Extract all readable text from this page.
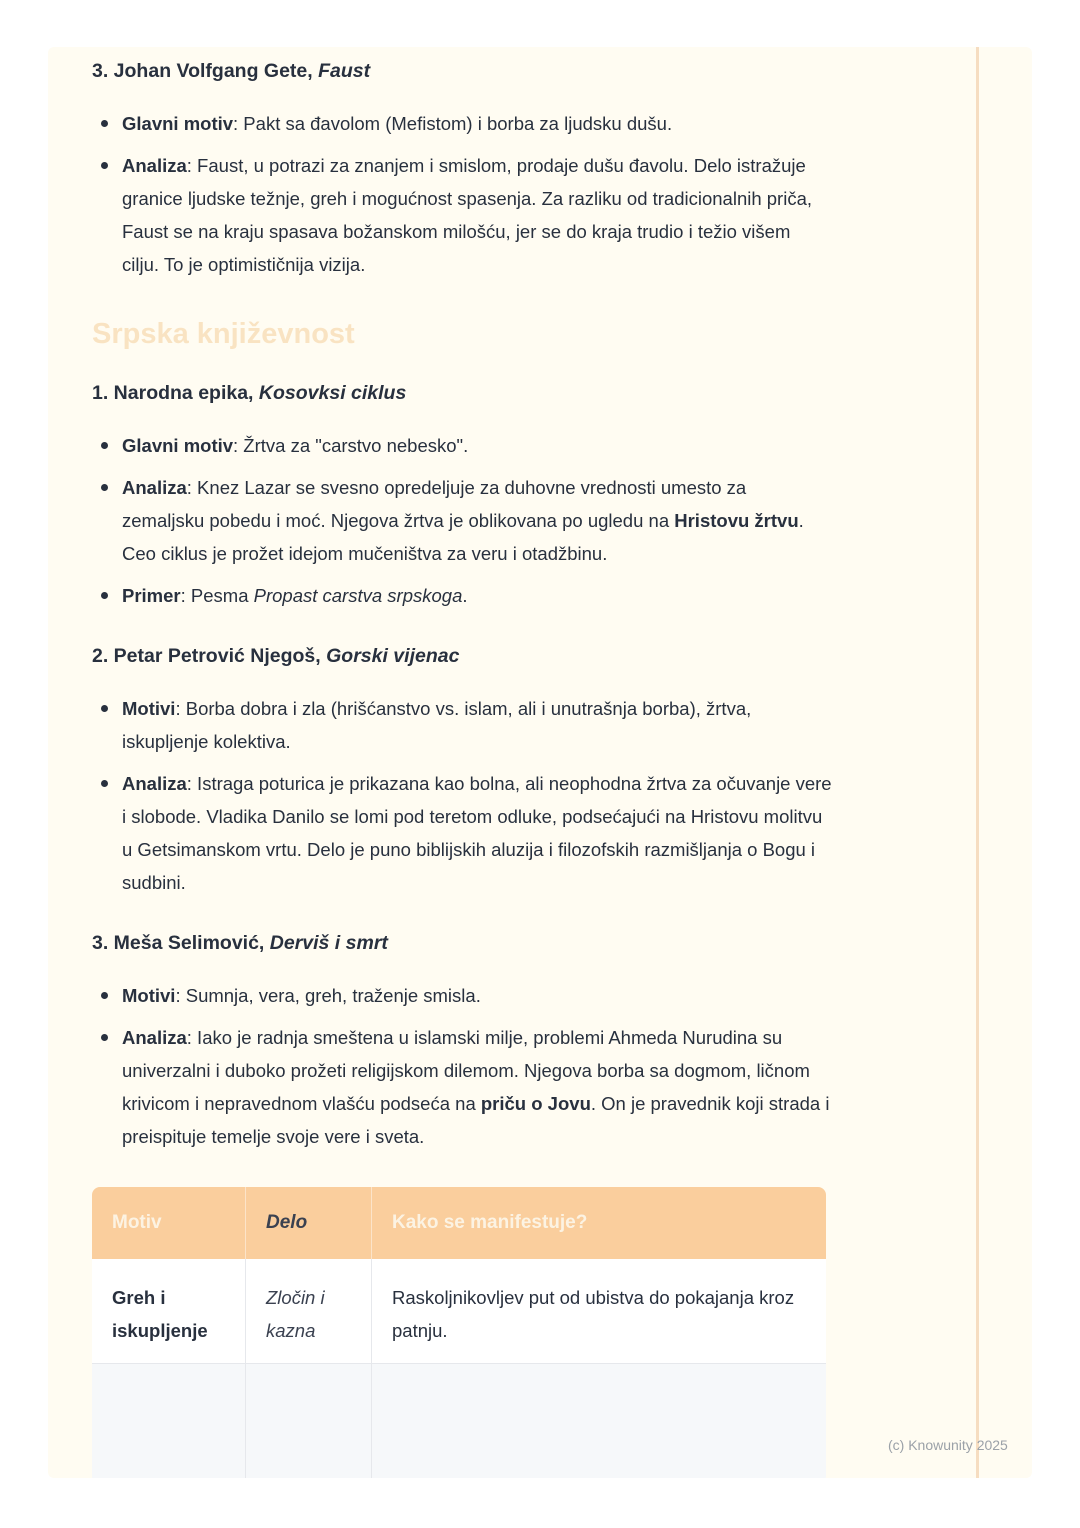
3. Johan Volfgang Gete, Faust
Glavni motiv: Pakt sa đavolom (Mefistom) i borba za ljudsku dušu.
Analiza: Faust, u potrazi za znanjem i smislom, prodaje dušu đavolu. Delo istražuje granice ljudske težnje, greh i mogućnost spasenja. Za razliku od tradicionalnih priča, Faust se na kraju spasava božanskom milošću, jer se do kraja trudio i težio višem cilju. To je optimističnija vizija.
Srpska književnost
1. Narodna epika, Kosovksi ciklus
Glavni motiv: Žrtva za "carstvo nebesko".
Analiza: Knez Lazar se svesno opredeljuje za duhovne vrednosti umesto za zemaljsku pobedu i moć. Njegova žrtva je oblikovana po ugledu na Hristovu žrtvu. Ceo ciklus je prožet idejom mučeništva za veru i otadžbinu.
Primer: Pesma Propast carstva srpskoga.
2. Petar Petrović Njegoš, Gorski vijenac
Motivi: Borba dobra i zla (hrišćanstvo vs. islam, ali i unutrašnja borba), žrtva, iskupljenje kolektiva.
Analiza: Istraga poturica je prikazana kao bolna, ali neophodna žrtva za očuvanje vere i slobode. Vladika Danilo se lomi pod teretom odluke, podsećajući na Hristovu molitvu u Getsimanskom vrtu. Delo je puno biblijskih aluzija i filozofskih razmišljanja o Bogu i sudbini.
3. Meša Selimović, Derviš i smrt
Motivi: Sumnja, vera, greh, traženje smisla.
Analiza: Iako je radnja smeštena u islamski milje, problemi Ahmeda Nurudina su univerzalni i duboko prožeti religijskom dilemom. Njegova borba sa dogmom, ličnom krivicom i nepravednom vlašću podseća na priču o Jovu. On je pravednik koji strada i preispituje temelje svoje vere i sveta.
Motiv	Delo	Kako se manifestuje?
Greh i iskupljenje	Zločin i kazna	Raskoljnikovljev put od ubistva do pokajanja kroz patnju.

(c) Knowunity 2025
